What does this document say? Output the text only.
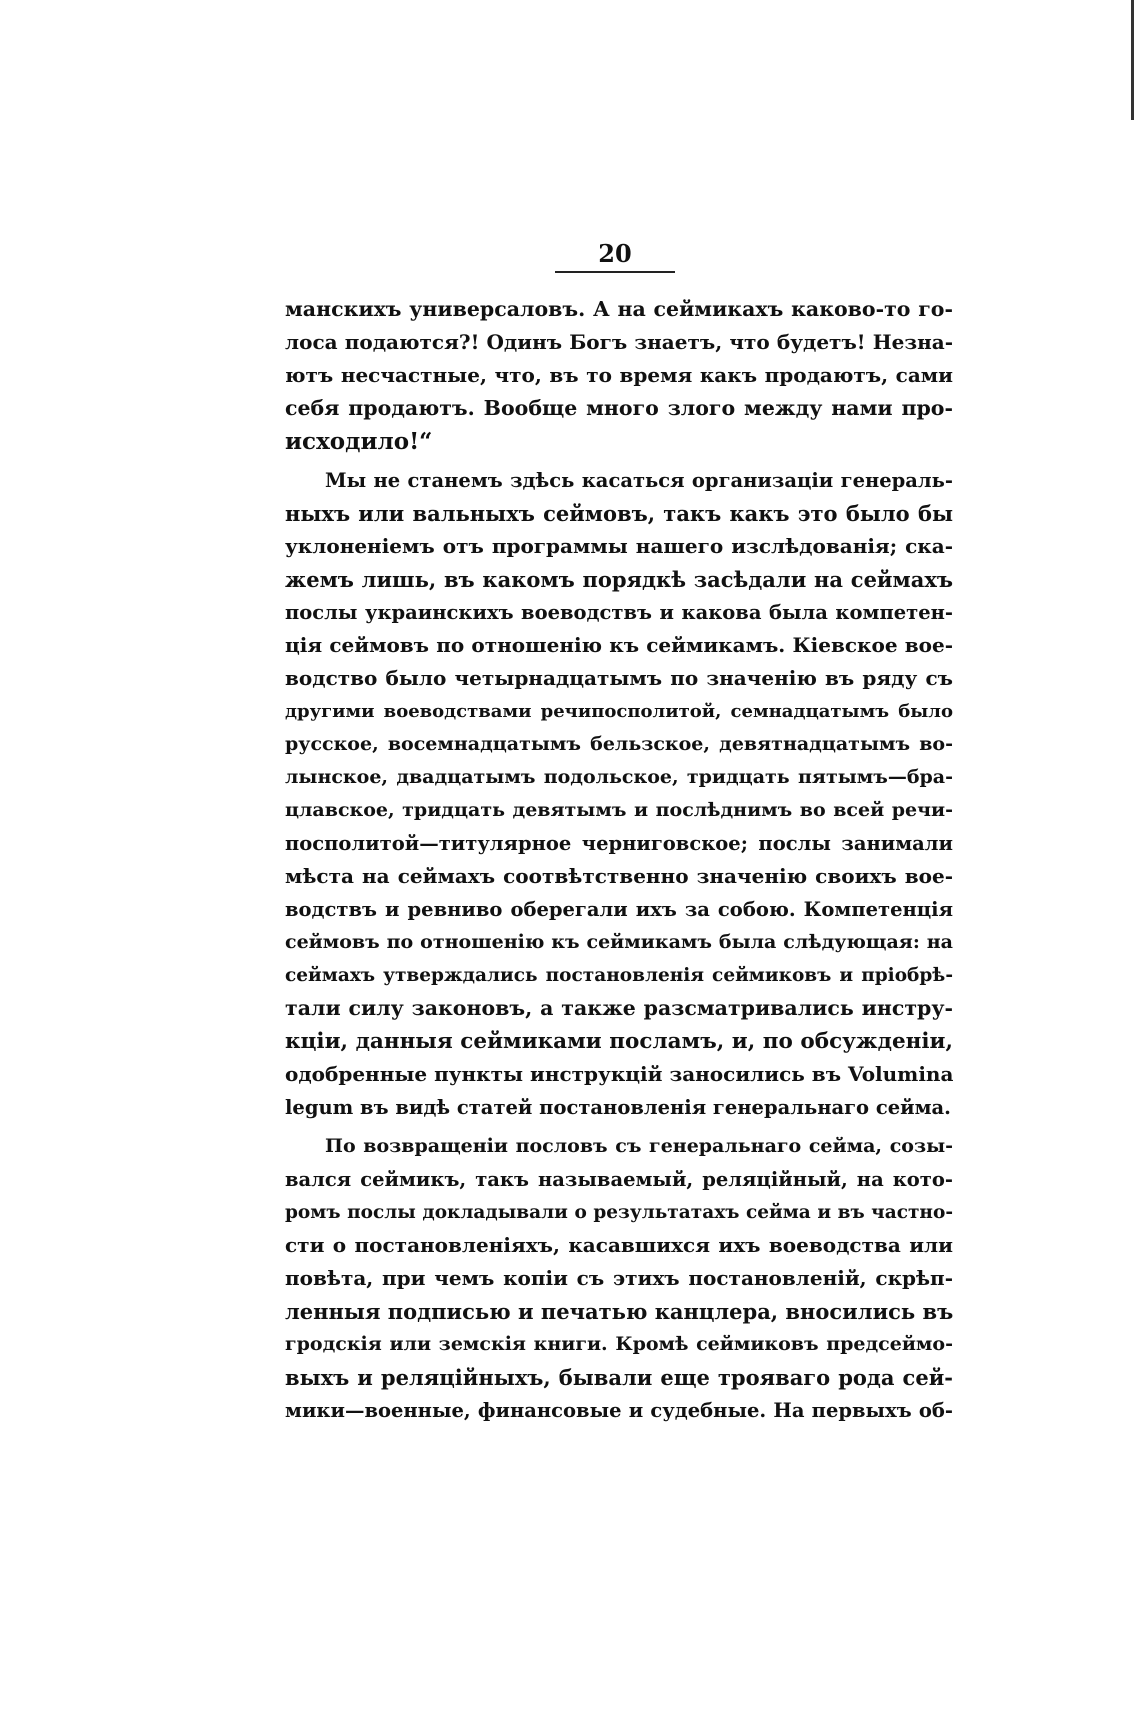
20
манскихъ универсаловъ. А на сеймикахъ каково-то го-
лоса подаются?! Одинъ Богъ знаетъ, что будетъ! Незна-
ютъ несчастные, что, въ то время какъ продаютъ, сами
себя продаютъ. Вообще много злого между нами про-
исходило!“
Мы не станемъ здѣсь касаться организаціи генераль-
ныхъ или вальныхъ сеймовъ, такъ какъ это было бы
уклоненіемъ отъ программы нашего изслѣдованія; ска-
жемъ лишь, въ какомъ порядкѣ засѣдали на сеймахъ
послы украинскихъ воеводствъ и какова была компетен-
ція сеймовъ по отношенію къ сеймикамъ. Кіевское вое-
водство было четырнадцатымъ по значенію въ ряду съ
другими воеводствами речипосполитой, семнадцатымъ было
русское, восемнадцатымъ бельзское, девятнадцатымъ во-
лынское, двадцатымъ подольское, тридцать пятымъ—бра-
цлавское, тридцать девятымъ и послѣднимъ во всей речи-
посполитой—титулярное черниговское; послы занимали
мѣста на сеймахъ соотвѣтственно значенію своихъ вое-
водствъ и ревниво оберегали ихъ за собою. Компетенція
сеймовъ по отношенію къ сеймикамъ была слѣдующая: на
сеймахъ утверждались постановленія сеймиковъ и пріобрѣ-
тали силу законовъ, а также разсматривались инстру-
кціи, данныя сеймиками посламъ, и, по обсужденіи,
одобренные пункты инструкцій заносились въ Volumina
legum въ видѣ статей постановленія генеральнаго сейма.
По возвращеніи пословъ съ генеральнаго сейма, созы-
вался сеймикъ, такъ называемый, реляційный, на кото-
ромъ послы докладывали о результатахъ сейма и въ частно-
сти о постановленіяхъ, касавшихся ихъ воеводства или
повѣта, при чемъ копіи съ этихъ постановленій, скрѣп-
ленныя подписью и печатью канцлера, вносились въ
гродскія или земскія книги. Кромѣ сеймиковъ предсеймо-
выхъ и реляційныхъ, бывали еще трояваго рода сей-
мики—военные, финансовые и судебные. На первыхъ об-
